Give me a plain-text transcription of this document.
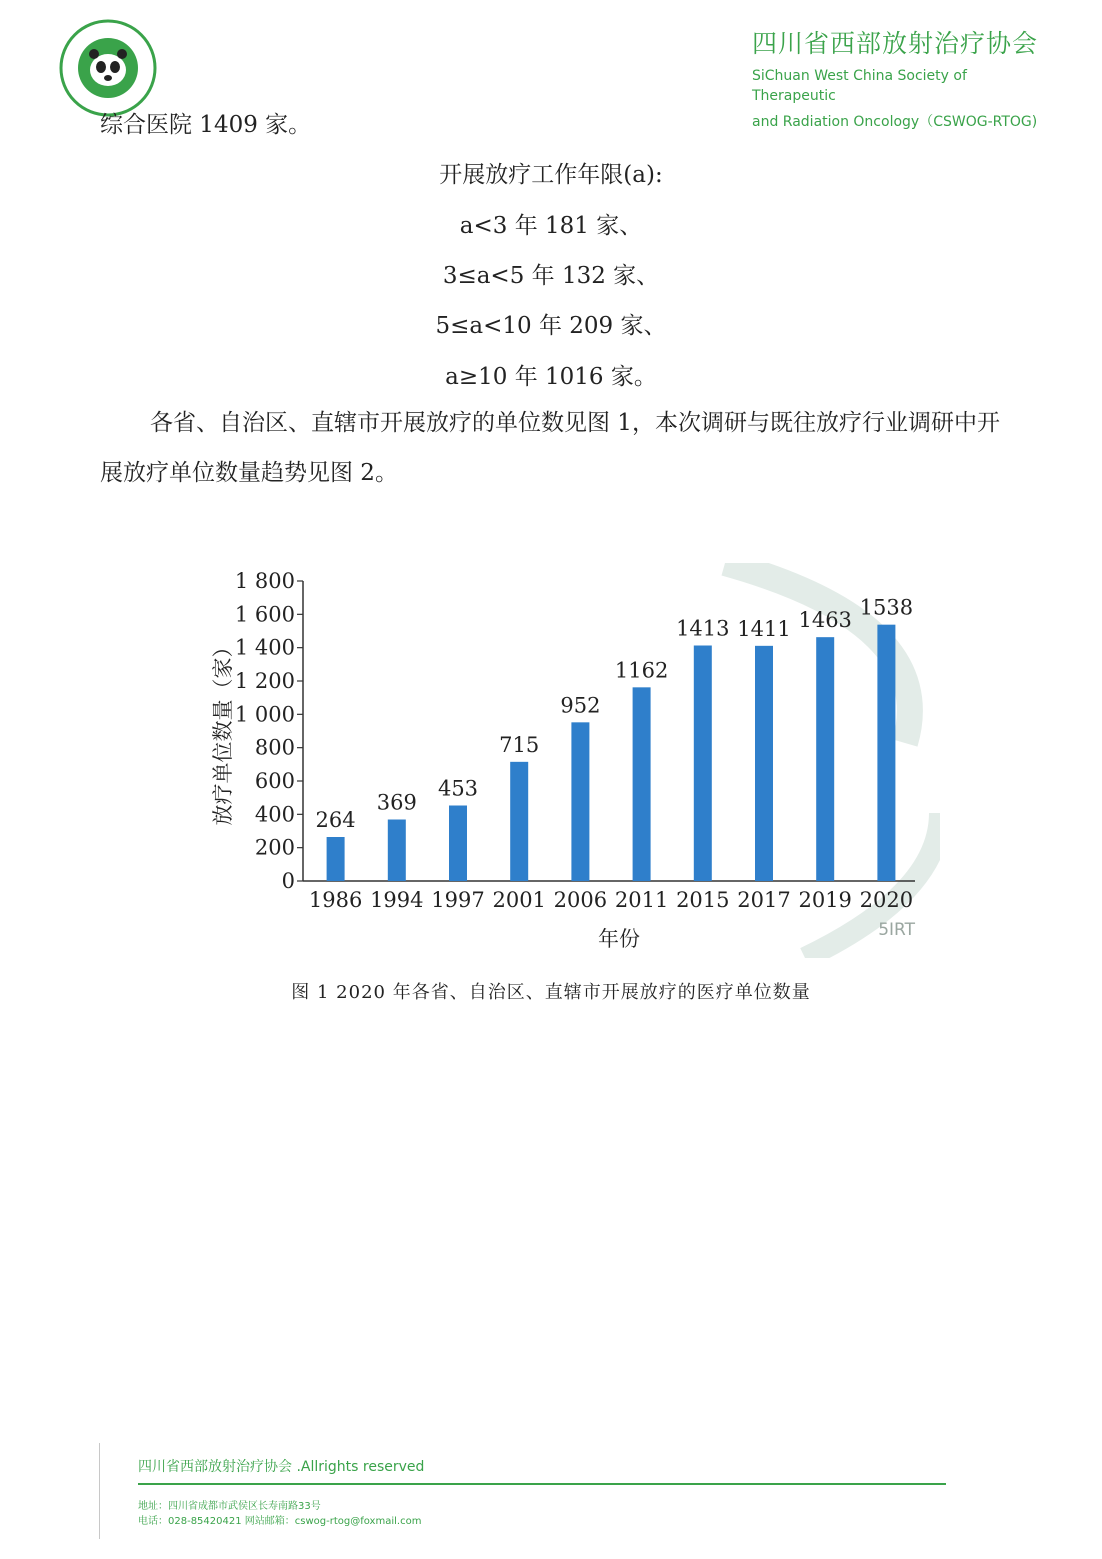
四川省西部放射治疗协会
SiChuan West China Society of Therapeutic
and Radiation Oncology（CSWOG-RTOG)
综合医院 1409 家。
开展放疗工作年限(a):
a<3 年 181 家、
3≤a<5 年 132 家、
5≤a<10 年 209 家、
a≥10 年 1016 家。
各省、自治区、直辖市开展放疗的单位数见图 1，本次调研与既往放疗行业调研中开展放疗单位数量趋势见图 2。
0
200
400
600
800
1 000
1 200
1 400
1 600
1 800
放疗单位数量（家）	264
1986
369
1994
453
1997
715
2001
952
2006
1162
2011
1413
2015
1411
2017
1463
2019
1538
2020
年份	5IRT
图 1 2020 年各省、自治区、直辖市开展放疗的医疗单位数量
四川省西部放射治疗协会 .Allrights reserved
地址：四川省成都市武侯区长寿南路33号
电话：028-85420421 网站邮箱：cswog-rtog@foxmail.com
